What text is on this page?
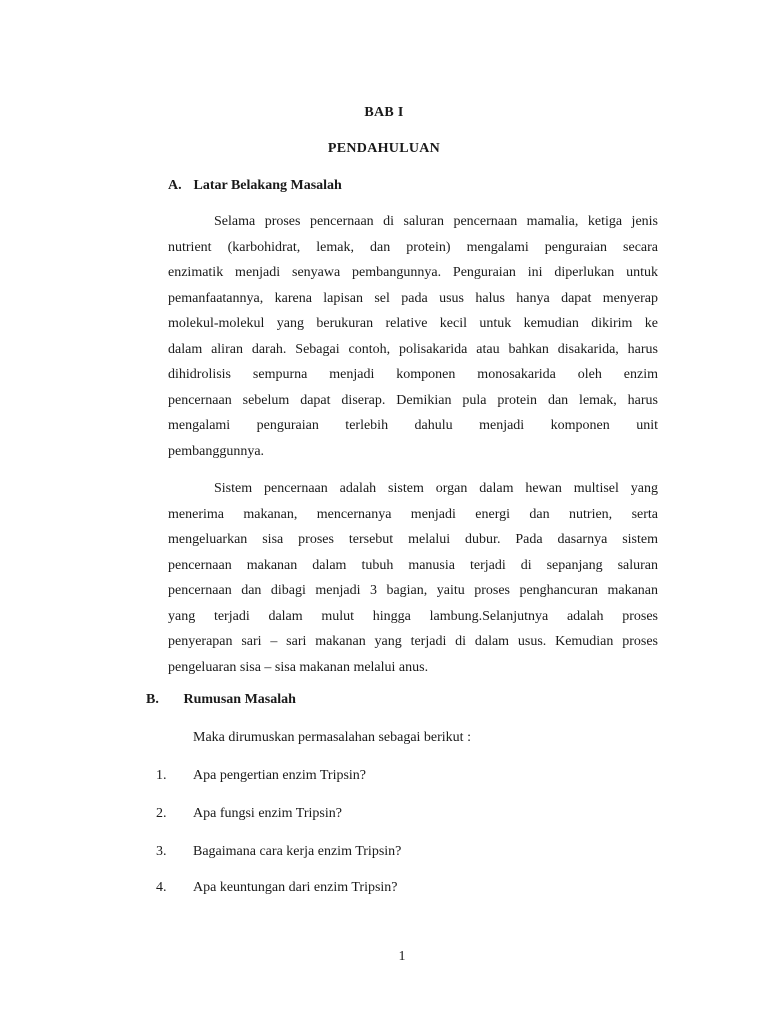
BAB I
PENDAHULUAN
A. Latar Belakang Masalah
Selama proses pencernaan di saluran pencernaan mamalia, ketiga jenis
nutrient (karbohidrat, lemak, dan protein) mengalami penguraian secara
enzimatik menjadi senyawa pembangunnya. Penguraian ini diperlukan untuk
pemanfaatannya, karena lapisan sel pada usus halus hanya dapat menyerap
molekul-molekul yang berukuran relative kecil untuk kemudian dikirim ke
dalam aliran darah. Sebagai contoh, polisakarida atau bahkan disakarida, harus
dihidrolisis sempurna menjadi komponen monosakarida oleh enzim
pencernaan sebelum dapat diserap. Demikian pula protein dan lemak, harus
mengalami penguraian terlebih dahulu menjadi komponen unit
pembanggunnya.
Sistem pencernaan adalah sistem organ dalam hewan multisel yang
menerima makanan, mencernanya menjadi energi dan nutrien, serta
mengeluarkan sisa proses tersebut melalui dubur. Pada dasarnya sistem
pencernaan makanan dalam tubuh manusia terjadi di sepanjang saluran
pencernaan dan dibagi menjadi 3 bagian, yaitu proses penghancuran makanan
yang terjadi dalam mulut hingga lambung.Selanjutnya adalah proses
penyerapan sari – sari makanan yang terjadi di dalam usus. Kemudian proses
pengeluaran sisa – sisa makanan melalui anus.
B. Rumusan Masalah
Maka dirumuskan permasalahan sebagai berikut :
1. Apa pengertian enzim Tripsin?
2. Apa fungsi enzim Tripsin?
3. Bagaimana cara kerja enzim Tripsin?
4. Apa keuntungan dari enzim Tripsin?
1
